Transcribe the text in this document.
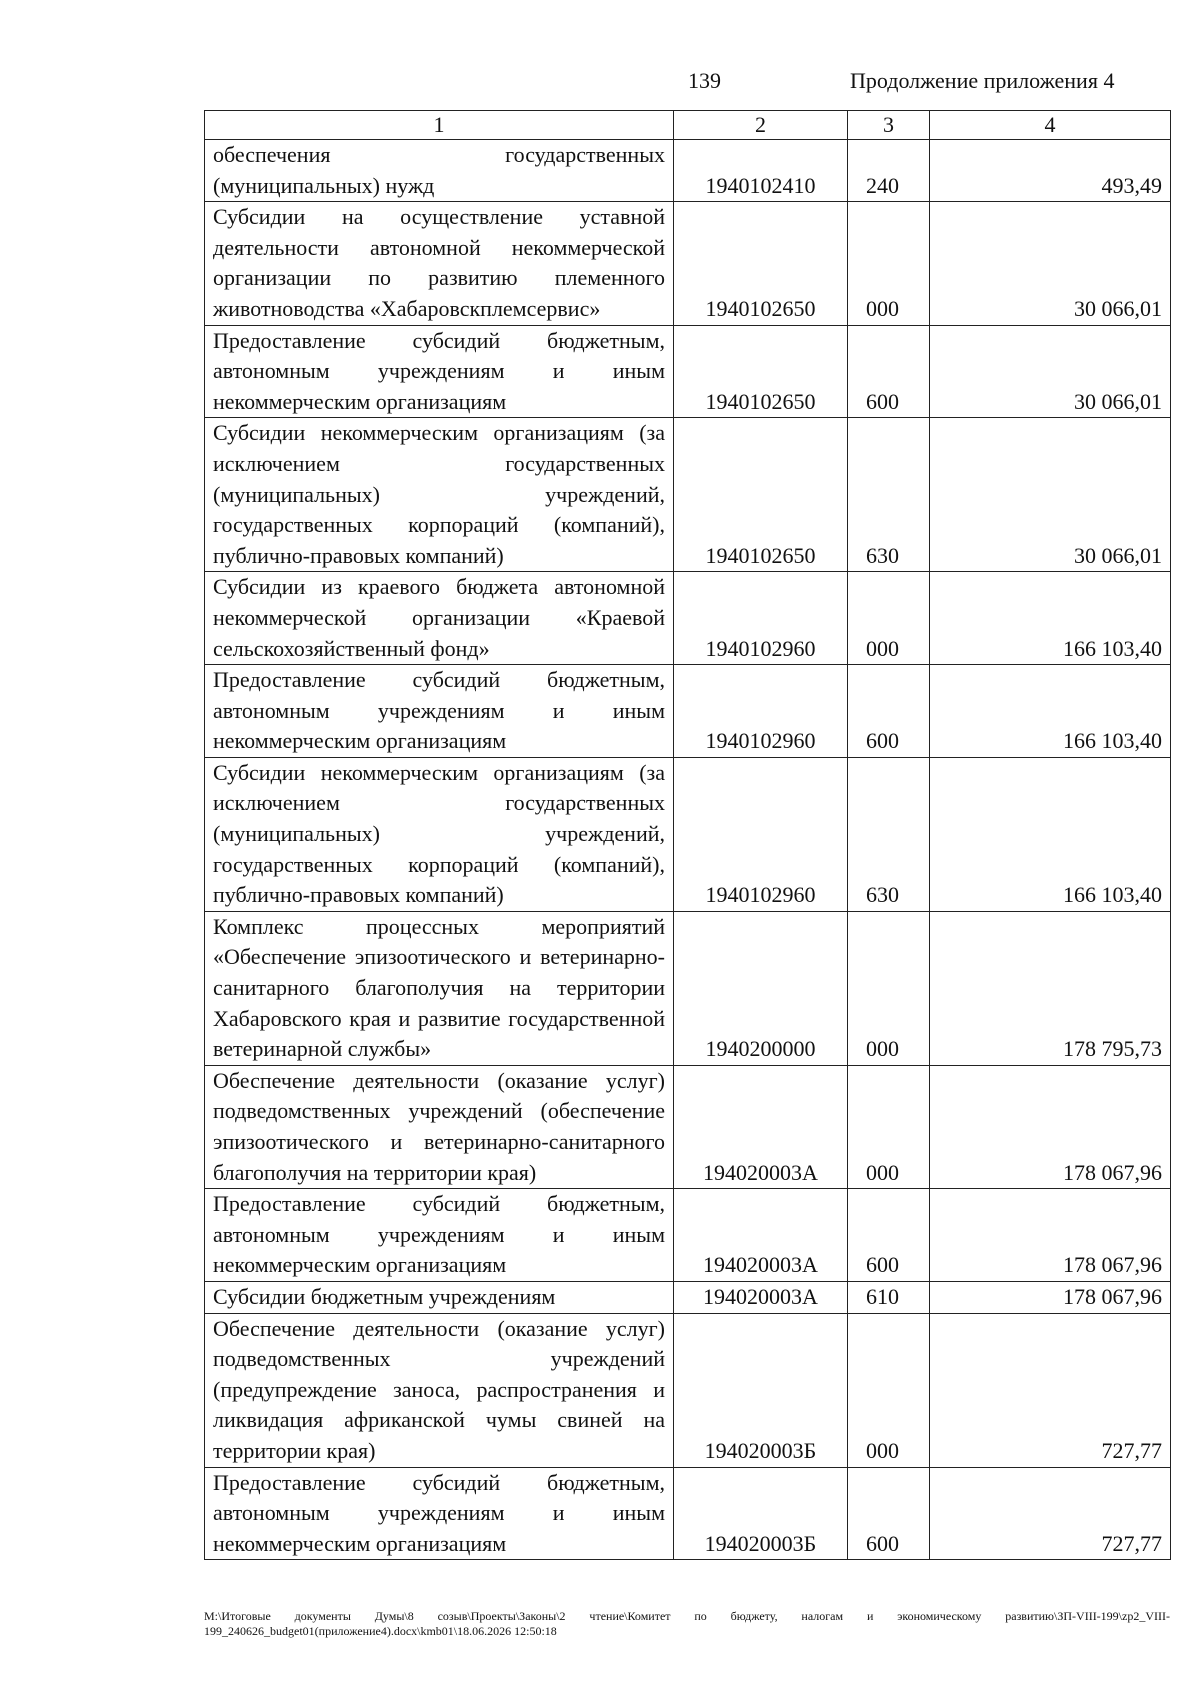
139	Продолжение приложения 4
1	2	3	4
обеспечения государственных (муниципальных) нужд	1940102410	240	493,49
Субсидии на осуществление уставной деятельности автономной некоммерческой организации по развитию племенного животноводства «Хабаровскплемсервис»	1940102650	000	30 066,01
Предоставление субсидий бюджетным, автономным учреждениям и иным некоммерческим организациям	1940102650	600	30 066,01
Субсидии некоммерческим организациям (за исключением государственных (муниципальных) учреждений, государственных корпораций (компаний), публично-правовых компаний)	1940102650	630	30 066,01
Субсидии из краевого бюджета автономной некоммерческой организации «Краевой сельскохозяйственный фонд»	1940102960	000	166 103,40
Предоставление субсидий бюджетным, автономным учреждениям и иным некоммерческим организациям	1940102960	600	166 103,40
Субсидии некоммерческим организациям (за исключением государственных (муниципальных) учреждений, государственных корпораций (компаний), публично-правовых компаний)	1940102960	630	166 103,40
Комплекс процессных мероприятий «Обеспечение эпизоотического и ветеринарно-санитарного благополучия на территории Хабаровского края и развитие государственной ветеринарной службы»	1940200000	000	178 795,73
Обеспечение деятельности (оказание услуг) подведомственных учреждений (обеспечение эпизоотического и ветеринарно-санитарного благополучия на территории края)	194020003А	000	178 067,96
Предоставление субсидий бюджетным, автономным учреждениям и иным некоммерческим организациям	194020003А	600	178 067,96
Субсидии бюджетным учреждениям	194020003А	610	178 067,96
Обеспечение деятельности (оказание услуг) подведомственных учреждений (предупреждение заноса, распространения и ликвидация африканской чумы свиней на территории края)	194020003Б	000	727,77
Предоставление субсидий бюджетным, автономным учреждениям и иным некоммерческим организациям	194020003Б	600	727,77
M:\Итоговые документы Думы\8 созыв\Проекты\Законы\2 чтение\Комитет по бюджету, налогам и экономическому развитию\ЗП-VIII-199\zp2_VIII-199_240626_budget01(приложение4).docx\kmb01\18.06.2026 12:50:18
